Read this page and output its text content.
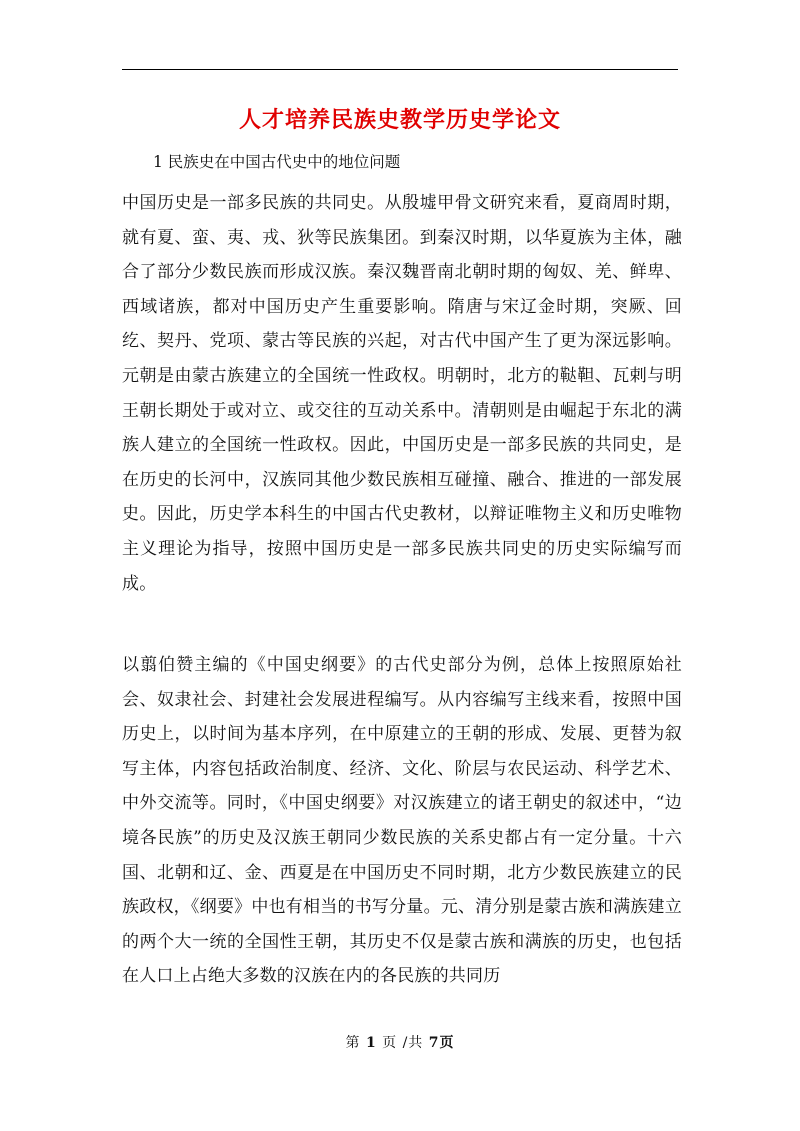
人才培养民族史教学历史学论文
1 民族史在中国古代史中的地位问题

中国历史是一部多民族的共同史。从殷墟甲骨文研究来看，夏商周时期，就有夏、蛮、夷、戎、狄等民族集团。到秦汉时期，以华夏族为主体，融合了部分少数民族而形成汉族。秦汉魏晋南北朝时期的匈奴、羌、鲜卑、西域诸族，都对中国历史产生重要影响。隋唐与宋辽金时期，突厥、回纥、契丹、党项、蒙古等民族的兴起，对古代中国产生了更为深远影响。元朝是由蒙古族建立的全国统一性政权。明朝时，北方的鞑靼、瓦剌与明王朝长期处于或对立、或交往的互动关系中。清朝则是由崛起于东北的满族人建立的全国统一性政权。因此，中国历史是一部多民族的共同史，是在历史的长河中，汉族同其他少数民族相互碰撞、融合、推进的一部发展史。因此，历史学本科生的中国古代史教材，以辩证唯物主义和历史唯物主义理论为指导，按照中国历史是一部多民族共同史的历史实际编写而成。

以翦伯赞主编的《中国史纲要》的古代史部分为例，总体上按照原始社会、奴隶社会、封建社会发展进程编写。从内容编写主线来看，按照中国历史上，以时间为基本序列，在中原建立的王朝的形成、发展、更替为叙写主体，内容包括政治制度、经济、文化、阶层与农民运动、科学艺术、中外交流等。同时，《中国史纲要》对汉族建立的诸王朝史的叙述中，“边境各民族”的历史及汉族王朝同少数民族的关系史都占有一定分量。十六国、北朝和辽、金、西夏是在中国历史不同时期，北方少数民族建立的民族政权，《纲要》中也有相当的书写分量。元、清分别是蒙古族和满族建立的两个大一统的全国性王朝，其历史不仅是蒙古族和满族的历史，也包括在人口上占绝大多数的汉族在内的各民族的共同历

第 1 页 /共 7页
